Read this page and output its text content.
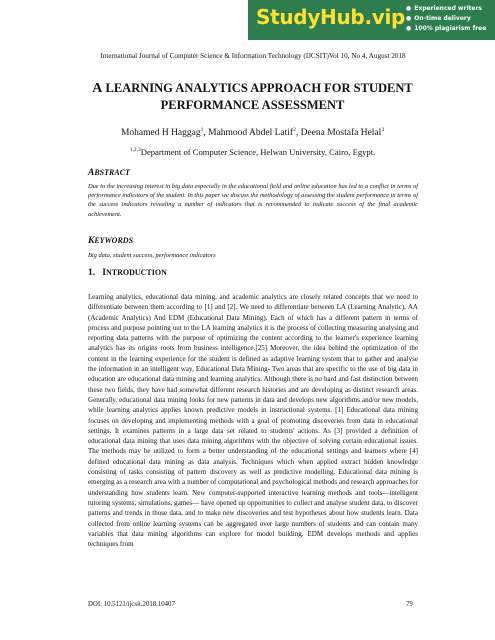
StudyHub.vip ● Experienced writers
● On-time delivery
● 100% plagiarism free
International Journal of Computer Science & Information Technology (IJCSIT)Vol 10, No 4, August 2018
A LEARNING ANALYTICS APPROACH FOR STUDENT
PERFORMANCE ASSESSMENT
Mohamed H Haggag$^1$, Mahmood Abdel Latif$^2$, Deena Mostafa Helal$^3$
$^{1,2,3}$Department of Computer Science, Helwan University, Cairo, Egypt.
ABSTRACT
Due to the increasing interest in big data especially in the educational field and online education has led to a conflict in terms of performance indicators of the student. In this paper we discuss the methodology of assessing the student performance in terms of the success indicators revealing a number of indicators that is recommended to indicate success of the final academic achievement.
KEYWORDS
Big data, student success, performance indicators
1. INTRODUCTION
Learning analytics, educational data mining, and academic analytics are closely related concepts that we need to differentiate between them according to [1] and [2]. We need to differentiate between LA (Learning Analytic), AA (Academic Analytics) And EDM (Educational Data Mining). Each of which has a different pattern in terms of process and purpose pointing out to the LA learning analytics it is the process of collecting measuring analysing and reporting data patterns with the purpose of optimizing the content according to the learner's experience learning analytics has its origins roots from business intelligence.[25] Moreover, the idea behind the optimization of the content in the learning experience for the student is defined as adaptive learning system that to gather and analyse the information in an intelligent way, Educational Data Mining- Two areas that are specific to the use of big data in education are educational data mining and learning analytics. Although there is no hard and fast distinction between these two fields, they have had somewhat different research histories and are developing as distinct research areas. Generally, educational data mining looks for new patterns in data and develops new algorithms and/or new models, while learning analytics applies known predictive models in instructional systems. [1] Educational data mining focuses on developing and implementing methods with a goal of promoting discoveries from data in educational settings. It examines patterns in a large data set related to students' actions. As [3] provided a definition of educational data mining that uses data mining algorithms with the objective of solving certain educational issues. The methods may be utilized to form a better understanding of the educational settings and learners where [4] defined educational data mining as data analysis. Techniques which when applied extract hidden knowledge consisting of tasks consisting of pattern discovery as well as predictive modelling. Educational data mining is emerging as a research area with a number of computational and psychological methods and research approaches for understanding how students learn. New computer-supported interactive learning methods and tools—intelligent tutoring systems, simulations, games— have opened up opportunities to collect and analyse student data, to discover patterns and trends in those data, and to make new discoveries and test hypotheses about how students learn. Data collected from online learning systems can be aggregated over large numbers of students and can contain many variables that data mining algorithms can explore for model building. EDM develops methods and applies techniques from
DOI: 10.5121/ijcsit.2018.10407	79
